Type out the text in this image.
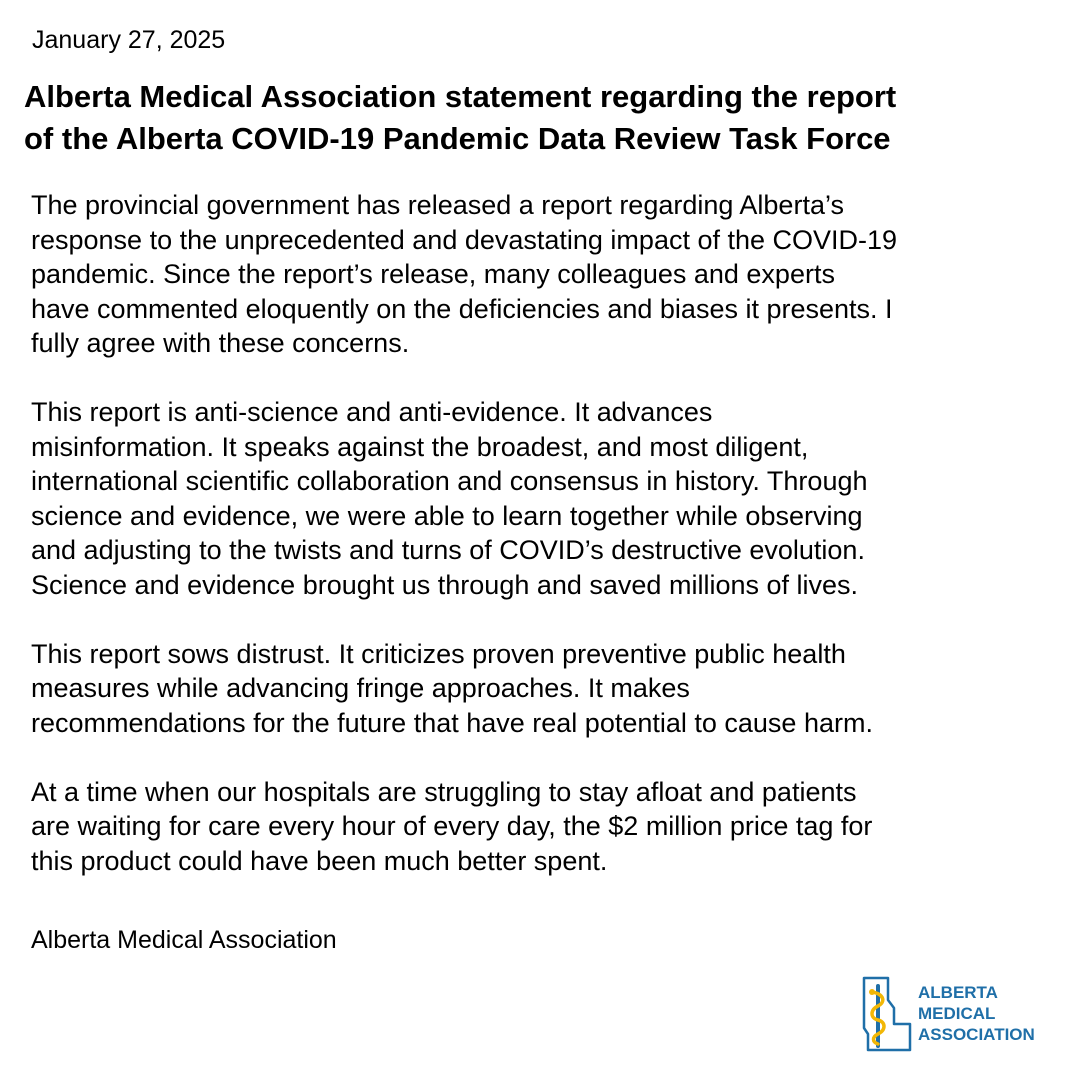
January 27, 2025

Alberta Medical Association statement regarding the report
of the Alberta COVID-19 Pandemic Data Review Task Force

The provincial government has released a report regarding Alberta’s
response to the unprecedented and devastating impact of the COVID-19
pandemic. Since the report’s release, many colleagues and experts
have commented eloquently on the deficiencies and biases it presents. I
fully agree with these concerns.

This report is anti-science and anti-evidence. It advances
misinformation. It speaks against the broadest, and most diligent,
international scientific collaboration and consensus in history. Through
science and evidence, we were able to learn together while observing
and adjusting to the twists and turns of COVID’s destructive evolution.
Science and evidence brought us through and saved millions of lives.

This report sows distrust. It criticizes proven preventive public health
measures while advancing fringe approaches. It makes
recommendations for the future that have real potential to cause harm.

At a time when our hospitals are struggling to stay afloat and patients
are waiting for care every hour of every day, the $2 million price tag for
this product could have been much better spent.

Alberta Medical Association

ALBERTA
MEDICAL
ASSOCIATION
